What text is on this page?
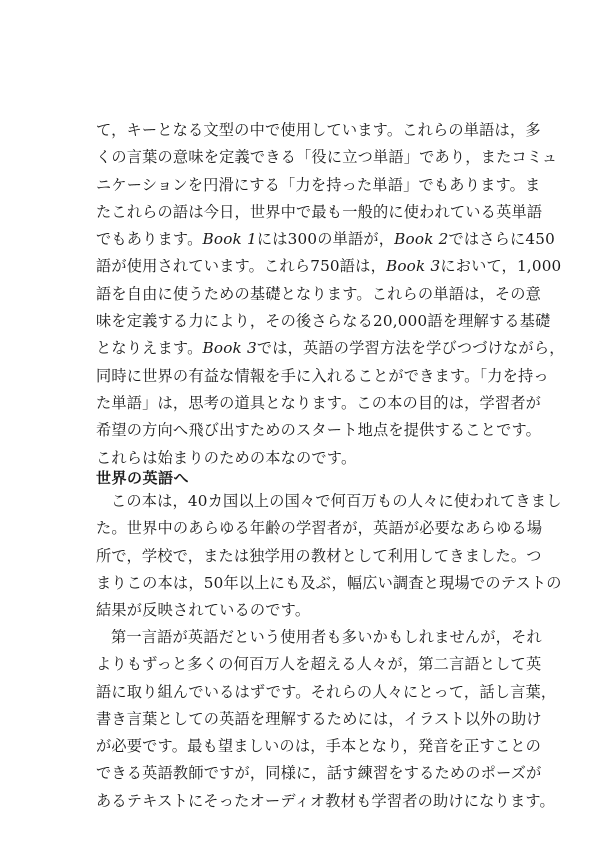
て，キーとなる文型の中で使用しています。これらの単語は，多
くの言葉の意味を定義できる「役に立つ単語」であり，またコミュ
ニケーションを円滑にする「力を持った単語」でもあります。ま
たこれらの語は今日，世界中で最も一般的に使われている英単語
でもあります。Book 1には300の単語が，Book 2ではさらに450
語が使用されています。これら750語は，Book 3において，1,000
語を自由に使うための基礎となります。これらの単語は，その意
味を定義する力により，その後さらなる20,000語を理解する基礎
となりえます。Book 3では，英語の学習方法を学びつづけながら，
同時に世界の有益な情報を手に入れることができます。「力を持っ
た単語」は，思考の道具となります。この本の目的は，学習者が
希望の方向へ飛び出すためのスタート地点を提供することです。
これらは始まりのための本なのです。
世界の英語へ
この本は，40カ国以上の国々で何百万もの人々に使われてきまし
た。世界中のあらゆる年齢の学習者が，英語が必要なあらゆる場
所で，学校で，または独学用の教材として利用してきました。つ
まりこの本は，50年以上にも及ぶ，幅広い調査と現場でのテストの
結果が反映されているのです。
第一言語が英語だという使用者も多いかもしれませんが，それ
よりもずっと多くの何百万人を超える人々が，第二言語として英
語に取り組んでいるはずです。それらの人々にとって，話し言葉，
書き言葉としての英語を理解するためには，イラスト以外の助け
が必要です。最も望ましいのは，手本となり，発音を正すことの
できる英語教師ですが，同様に，話す練習をするためのポーズが
あるテキストにそったオーディオ教材も学習者の助けになります。
